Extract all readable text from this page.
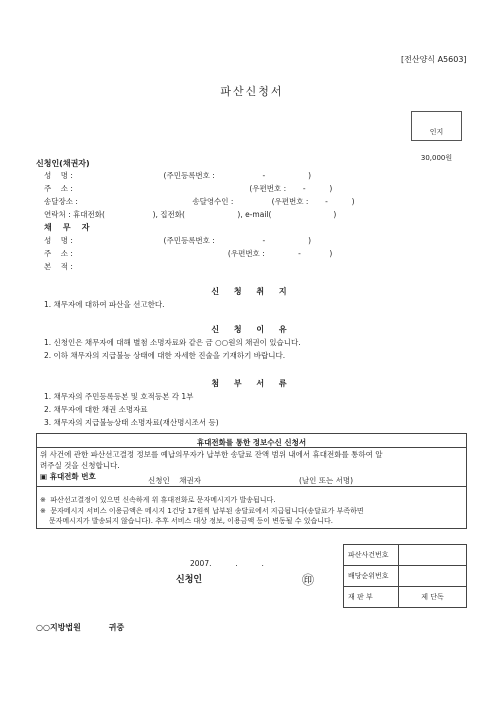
[전산양식 A5603]
파산신청서

인지

30,000원

신청인(채권자)
성    명 :                                      (주민등록번호 :                    -                  )
주    소 :                                                                          (우편번호 :       -          )
송달장소 :                                                송달영수인 :                (우편번호 :       -          )
연락처 : 휴대전화(                    ), 집전화(                      ), e-mail(                          )
채    무    자
성    명 :                                      (주민등록번호 :                    -                  )
주    소 :                                                                 (우편번호 :              -            )
본    적 :
신 청 취 지
1. 채무자에 대하여 파산을 선고한다.
신 청 이 유
1. 신청인은 채무자에 대해 별첨 소명자료와 같은 금 ○○원의 채권이 있습니다.
2. 이하 채무자의 지급불능 상태에 대한 자세한 진술을 기재하기 바랍니다.
첨 부 서 류
1. 채무자의 주민등록등본 및 호적등본 각 1부
2. 채무자에 대한 채권 소명자료
3. 채무자의 지급불능상태 소명자료(재산명시조서 등)
휴대전화를 통한 정보수신 신청서
위 사건에 관한 파산선고결정 정보를 예납의무자가 납부한 송달료 잔액 범위 내에서 휴대전화를 통하여 알
려주실 것을 신청합니다.
▣ 휴대전화 번호	신청인    채권자	(날인 또는 서명)
※  파산선고결정이 있으면 신속하게 위 휴대전화로 문자메시지가 발송됩니다.
※  문자메시지 서비스 이용금액은 메시지 1건당 17원씩 납부된 송달료에서 지급됩니다(송달료가 부족하면
문자메시지가 발송되지 않습니다). 추후 서비스 대상 정보, 이용금액 등이 변동될 수 있습니다.
2007.          .          .
신청인	㊞
파산사건번호	
배당순위번호	
재 판 부	제 단독
○○지방법원          귀중
